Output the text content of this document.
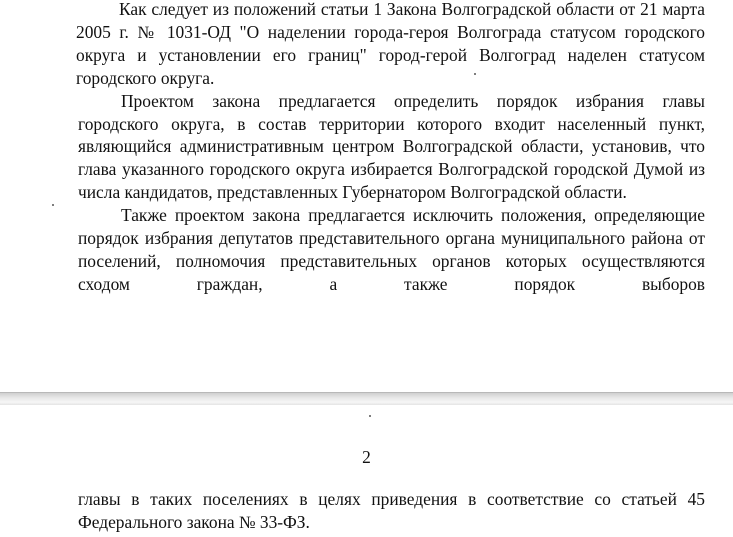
Как следует из положений статьи 1 Закона Волгоградской области от 21 марта 2005 г. № 1031-ОД "О наделении города-героя Волгограда статусом городского округа и установлении его границ" город-герой Волгоград наделен статусом городского округа.

Проектом закона предлагается определить порядок избрания главы городского округа, в состав территории которого входит населенный пункт, являющийся административным центром Волгоградской области, установив, что глава указанного городского округа избирается Волгоградской городской Думой из числа кандидатов, представленных Губернатором Волгоградской области.

Также проектом закона предлагается исключить положения, определяющие порядок избрания депутатов представительного органа муниципального района от поселений, полномочия представительных органов которых осуществляются сходом граждан, а также порядок выборов

2

главы в таких поселениях в целях приведения в соответствие со статьей 45 Федерального закона № 33-ФЗ.
